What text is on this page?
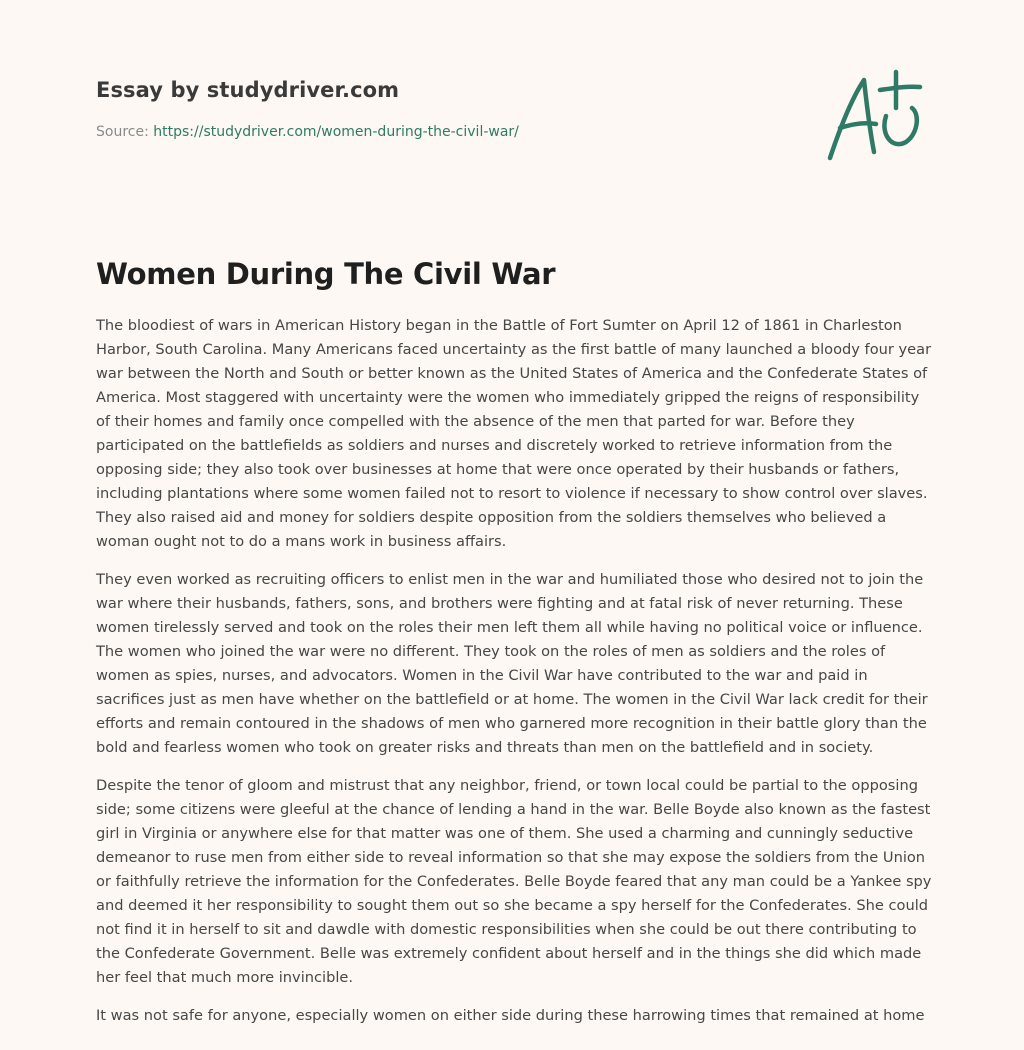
Essay by studydriver.com
Source: https://studydriver.com/women-during-the-civil-war/
Women During The Civil War

The bloodiest of wars in American History began in the Battle of Fort Sumter on April 12 of 1861 in Charleston Harbor, South Carolina. Many Americans faced uncertainty as the first battle of many launched a bloody four year war between the North and South or better known as the United States of America and the Confederate States of America. Most staggered with uncertainty were the women who immediately gripped the reigns of responsibility of their homes and family once compelled with the absence of the men that parted for war. Before they participated on the battlefields as soldiers and nurses and discretely worked to retrieve information from the opposing side; they also took over businesses at home that were once operated by their husbands or fathers, including plantations where some women failed not to resort to violence if necessary to show control over slaves. They also raised aid and money for soldiers despite opposition from the soldiers themselves who believed a woman ought not to do a mans work in business affairs.

They even worked as recruiting officers to enlist men in the war and humiliated those who desired not to join the war where their husbands, fathers, sons, and brothers were fighting and at fatal risk of never returning. These women tirelessly served and took on the roles their men left them all while having no political voice or influence. The women who joined the war were no different. They took on the roles of men as soldiers and the roles of women as spies, nurses, and advocators. Women in the Civil War have contributed to the war and paid in sacrifices just as men have whether on the battlefield or at home. The women in the Civil War lack credit for their efforts and remain contoured in the shadows of men who garnered more recognition in their battle glory than the bold and fearless women who took on greater risks and threats than men on the battlefield and in society.

Despite the tenor of gloom and mistrust that any neighbor, friend, or town local could be partial to the opposing side; some citizens were gleeful at the chance of lending a hand in the war. Belle Boyde also known as the fastest girl in Virginia or anywhere else for that matter was one of them. She used a charming and cunningly seductive demeanor to ruse men from either side to reveal information so that she may expose the soldiers from the Union or faithfully retrieve the information for the Confederates. Belle Boyde feared that any man could be a Yankee spy and deemed it her responsibility to sought them out so she became a spy herself for the Confederates. She could not find it in herself to sit and dawdle with domestic responsibilities when she could be out there contributing to the Confederate Government. Belle was extremely confident about herself and in the things she did which made her feel that much more invincible.

It was not safe for anyone, especially women on either side during these harrowing times that remained at home
